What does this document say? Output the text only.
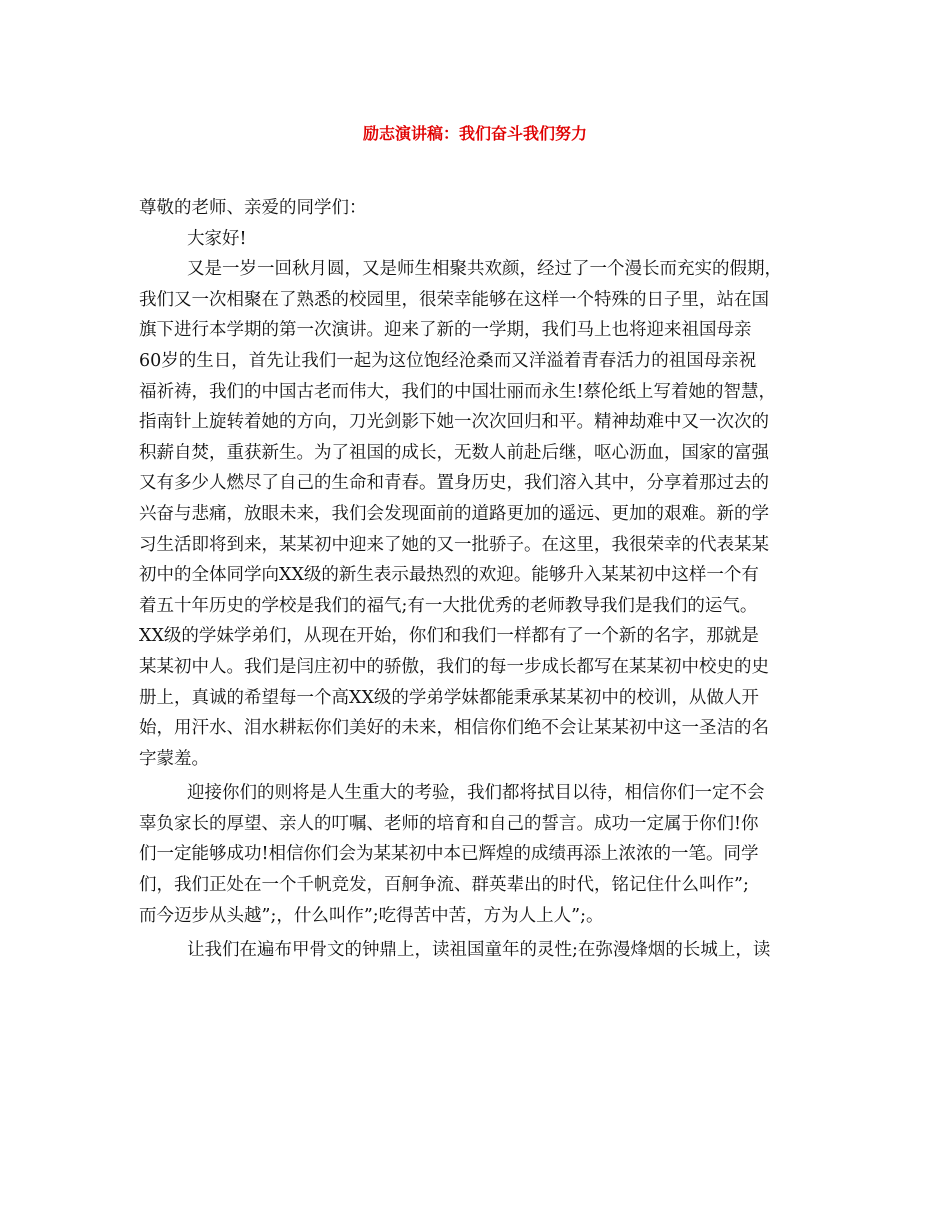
励志演讲稿：我们奋斗我们努力

尊敬的老师、亲爱的同学们：

大家好!

又是一岁一回秋月圆，又是师生相聚共欢颜，经过了一个漫长而充实的假期，

我们又一次相聚在了熟悉的校园里，很荣幸能够在这样一个特殊的日子里，站在国

旗下进行本学期的第一次演讲。迎来了新的一学期，我们马上也将迎来祖国母亲

60岁的生日，首先让我们一起为这位饱经沧桑而又洋溢着青春活力的祖国母亲祝

福祈祷，我们的中国古老而伟大，我们的中国壮丽而永生!蔡伦纸上写着她的智慧，

指南针上旋转着她的方向，刀光剑影下她一次次回归和平。精神劫难中又一次次的

积薪自焚，重获新生。为了祖国的成长，无数人前赴后继，呕心沥血，国家的富强

又有多少人燃尽了自己的生命和青春。置身历史，我们溶入其中，分享着那过去的

兴奋与悲痛，放眼未来，我们会发现面前的道路更加的遥远、更加的艰难。新的学

习生活即将到来，某某初中迎来了她的又一批骄子。在这里，我很荣幸的代表某某

初中的全体同学向XX级的新生表示最热烈的欢迎。能够升入某某初中这样一个有

着五十年历史的学校是我们的福气;有一大批优秀的老师教导我们是我们的运气。

XX级的学妹学弟们，从现在开始，你们和我们一样都有了一个新的名字，那就是

某某初中人。我们是闫庄初中的骄傲，我们的每一步成长都写在某某初中校史的史

册上，真诚的希望每一个高XX级的学弟学妹都能秉承某某初中的校训，从做人开

始，用汗水、泪水耕耘你们美好的未来，相信你们绝不会让某某初中这一圣洁的名

字蒙羞。

迎接你们的则将是人生重大的考验，我们都将拭目以待，相信你们一定不会

辜负家长的厚望、亲人的叮嘱、老师的培育和自己的誓言。成功一定属于你们!你

们一定能够成功!相信你们会为某某初中本已辉煌的成绩再添上浓浓的一笔。同学

们，我们正处在一个千帆竞发，百舸争流、群英辈出的时代，铭记住什么叫作”;

而今迈步从头越”;，什么叫作”;吃得苦中苦，方为人上人”;。

让我们在遍布甲骨文的钟鼎上，读祖国童年的灵性;在弥漫烽烟的长城上，读
